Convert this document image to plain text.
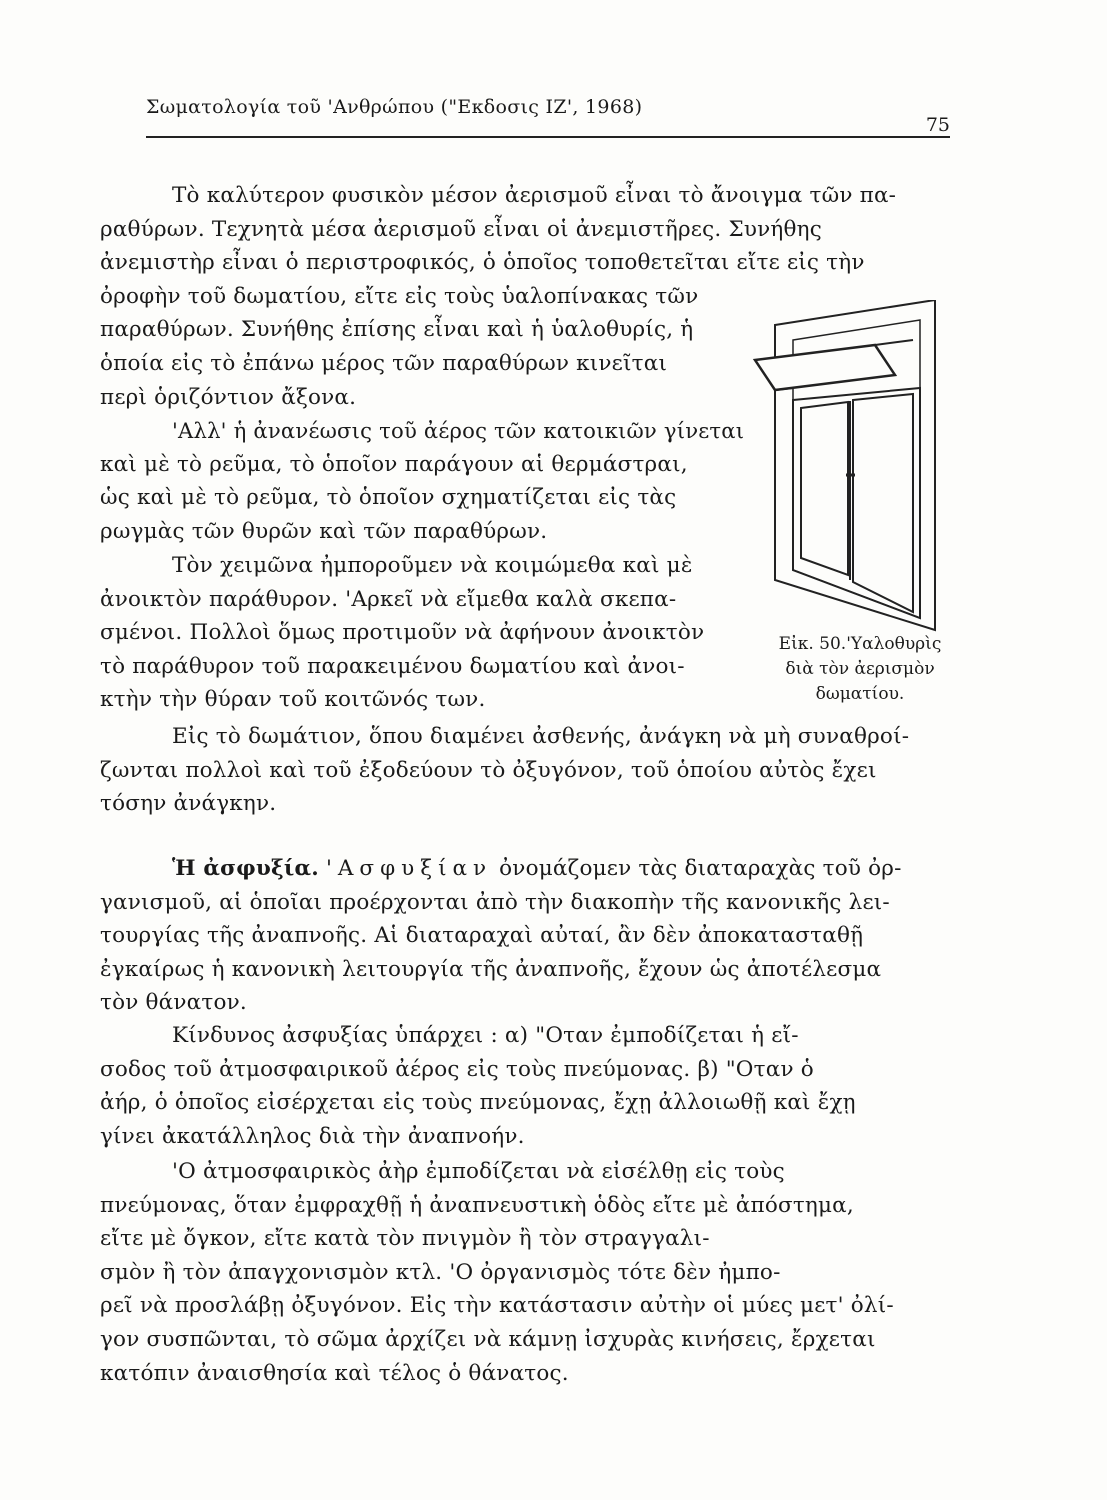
Σωματολογία τοῦ 'Ανθρώπου ("Εκδοσις ΙΖ', 1968)
75
Τὸ καλύτερον φυσικὸν μέσον ἀερισμοῦ εἶναι τὸ ἄνοιγμα τῶν πα-
ραθύρων. Τεχνητὰ μέσα ἀερισμοῦ εἶναι οἱ ἀνεμιστῆρες. Συνήθης
ἀνεμιστὴρ εἶναι ὁ περιστροφικός, ὁ ὁποῖος τοποθετεῖται εἴτε εἰς τὴν
ὀροφὴν τοῦ δωματίου, εἴτε εἰς τοὺς ὑαλοπίνακας τῶν
παραθύρων. Συνήθης ἐπίσης εἶναι καὶ ἡ ὑαλοθυρίς, ἡ
ὁποία εἰς τὸ ἐπάνω μέρος τῶν παραθύρων κινεῖται
περὶ ὁριζόντιον ἄξονα.
'Αλλ' ἡ ἀνανέωσις τοῦ ἀέρος τῶν κατοικιῶν γίνεται
καὶ μὲ τὸ ρεῦμα, τὸ ὁποῖον παράγουν αἱ θερμάστραι,
ὡς καὶ μὲ τὸ ρεῦμα, τὸ ὁποῖον σχηματίζεται εἰς τὰς
ρωγμὰς τῶν θυρῶν καὶ τῶν παραθύρων.
Τὸν χειμῶνα ἠμποροῦμεν νὰ κοιμώμεθα καὶ μὲ
ἀνοικτὸν παράθυρον. 'Αρκεῖ νὰ εἴμεθα καλὰ σκεπα-
σμένοι. Πολλοὶ ὅμως προτιμοῦν νὰ ἀφήνουν ἀνοικτὸν
τὸ παράθυρον τοῦ παρακειμένου δωματίου καὶ ἀνοι-
κτὴν τὴν θύραν τοῦ κοιτῶνός των.
Εἰκ. 50.'Υαλοθυρὶς
διὰ τὸν ἀερισμὸν
δωματίου.
Εἰς τὸ δωμάτιον, ὅπου διαμένει ἀσθενής, ἀνάγκη νὰ μὴ συναθροί-
ζωνται πολλοὶ καὶ τοῦ ἐξοδεύουν τὸ ὀξυγόνον, τοῦ ὁποίου αὐτὸς ἔχει
τόσην ἀνάγκην.
Ἡ ἀσφυξία. 'Ασφυξίαν ὀνομάζομεν τὰς διαταραχὰς τοῦ ὀρ-
γανισμοῦ, αἱ ὁποῖαι προέρχονται ἀπὸ τὴν διακοπὴν τῆς κανονικῆς λει-
τουργίας τῆς ἀναπνοῆς. Αἱ διαταραχαὶ αὐταί, ἂν δὲν ἀποκατασταθῇ
ἐγκαίρως ἡ κανονικὴ λειτουργία τῆς ἀναπνοῆς, ἔχουν ὡς ἀποτέλεσμα
τὸν θάνατον.
Κίνδυνος ἀσφυξίας ὑπάρχει : α) "Οταν ἐμποδίζεται ἡ εἴ-
σοδος τοῦ ἀτμοσφαιρικοῦ ἀέρος εἰς τοὺς πνεύμονας. β) "Οταν ὁ
ἀήρ, ὁ ὁποῖος εἰσέρχεται εἰς τοὺς πνεύμονας, ἔχῃ ἀλλοιωθῇ καὶ ἔχῃ
γίνει ἀκατάλληλος διὰ τὴν ἀναπνοήν.
'Ο ἀτμοσφαιρικὸς ἀὴρ ἐμποδίζεται νὰ εἰσέλθῃ εἰς τοὺς
πνεύμονας, ὅταν ἐμφραχθῇ ἡ ἀναπνευστικὴ ὁδὸς εἴτε μὲ ἀπόστημα,
εἴτε μὲ ὄγκον, εἴτε κατὰ τὸν πνιγμὸν ἢ τὸν στραγγαλι-
σμὸν ἢ τὸν ἀπαγχονισμὸν κτλ. 'Ο ὀργανισμὸς τότε δὲν ἠμπο-
ρεῖ νὰ προσλάβῃ ὀξυγόνον. Εἰς τὴν κατάστασιν αὐτὴν οἱ μύες μετ' ὀλί-
γον συσπῶνται, τὸ σῶμα ἀρχίζει νὰ κάμνῃ ἰσχυρὰς κινήσεις, ἔρχεται
κατόπιν ἀναισθησία καὶ τέλος ὁ θάνατος.
